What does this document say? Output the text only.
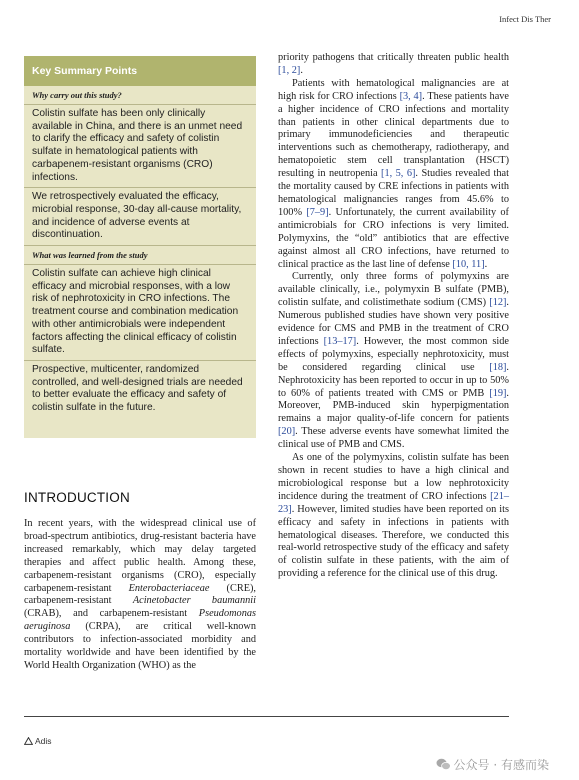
Infect Dis Ther
Key Summary Points
Why carry out this study?
Colistin sulfate has been only clinically available in China, and there is an unmet need to clarify the efficacy and safety of colistin sulfate in hematological patients with carbapenem-resistant organisms (CRO) infections.
We retrospectively evaluated the efficacy, microbial response, 30-day all-cause mortality, and incidence of adverse events at discontinuation.
What was learned from the study
Colistin sulfate can achieve high clinical efficacy and microbial responses, with a low risk of nephrotoxicity in CRO infections. The treatment course and combination medication with other antimicrobials were independent factors affecting the clinical efficacy of colistin sulfate.
Prospective, multicenter, randomized controlled, and well-designed trials are needed to better evaluate the efficacy and safety of colistin sulfate in the future.
INTRODUCTION

In recent years, with the widespread clinical use of broad-spectrum antibiotics, drug-resistant bacteria have increased remarkably, which may delay targeted therapies and affect public health. Among these, carbapenem-resistant organisms (CRO), especially carbapenem-resistant Enterobacteriaceae (CRE), carbapenem-resistant Acinetobacter baumannii (CRAB), and carbapenem-resistant Pseudomonas aeruginosa (CRPA), are critical well-known contributors to infection-associated morbidity and mortality worldwide and have been identified by the World Health Organization (WHO) as the

priority pathogens that critically threaten public health [1, 2].

Patients with hematological malignancies are at high risk for CRO infections [3, 4]. These patients have a higher incidence of CRO infections and mortality than patients in other clinical departments due to primary immunodeficiencies and therapeutic interventions such as chemotherapy, radiotherapy, and hematopoietic stem cell transplantation (HSCT) resulting in neutropenia [1, 5, 6]. Studies revealed that the mortality caused by CRE infections in patients with hematological malignancies ranges from 45.6% to 100% [7–9]. Unfortunately, the current availability of antimicrobials for CRO infections is very limited. Polymyxins, the “old” antibiotics that are effective against almost all CRO infections, have returned to clinical practice as the last line of defense [10, 11].

Currently, only three forms of polymyxins are available clinically, i.e., polymyxin B sulfate (PMB), colistin sulfate, and colistimethate sodium (CMS) [12]. Numerous published studies have shown very positive evidence for CMS and PMB in the treatment of CRO infections [13–17]. However, the most common side effects of polymyxins, especially nephrotoxicity, must be considered regarding clinical use [18]. Nephrotoxicity has been reported to occur in up to 50% to 60% of patients treated with CMS or PMB [19]. Moreover, PMB-induced skin hyperpigmentation remains a major quality-of-life concern for patients [20]. These adverse events have somewhat limited the clinical use of PMB and CMS.

As one of the polymyxins, colistin sulfate has been shown in recent studies to have a high clinical and microbiological response but a low nephrotoxicity incidence during the treatment of CRO infections [21–23]. However, limited studies have been reported on its efficacy and safety in infections in patients with hematological diseases. Therefore, we conducted this real-world retrospective study of the efficacy and safety of colistin sulfate in these patients, with the aim of providing a reference for the clinical use of this drug.

Adis
公众号 · 有感而染
